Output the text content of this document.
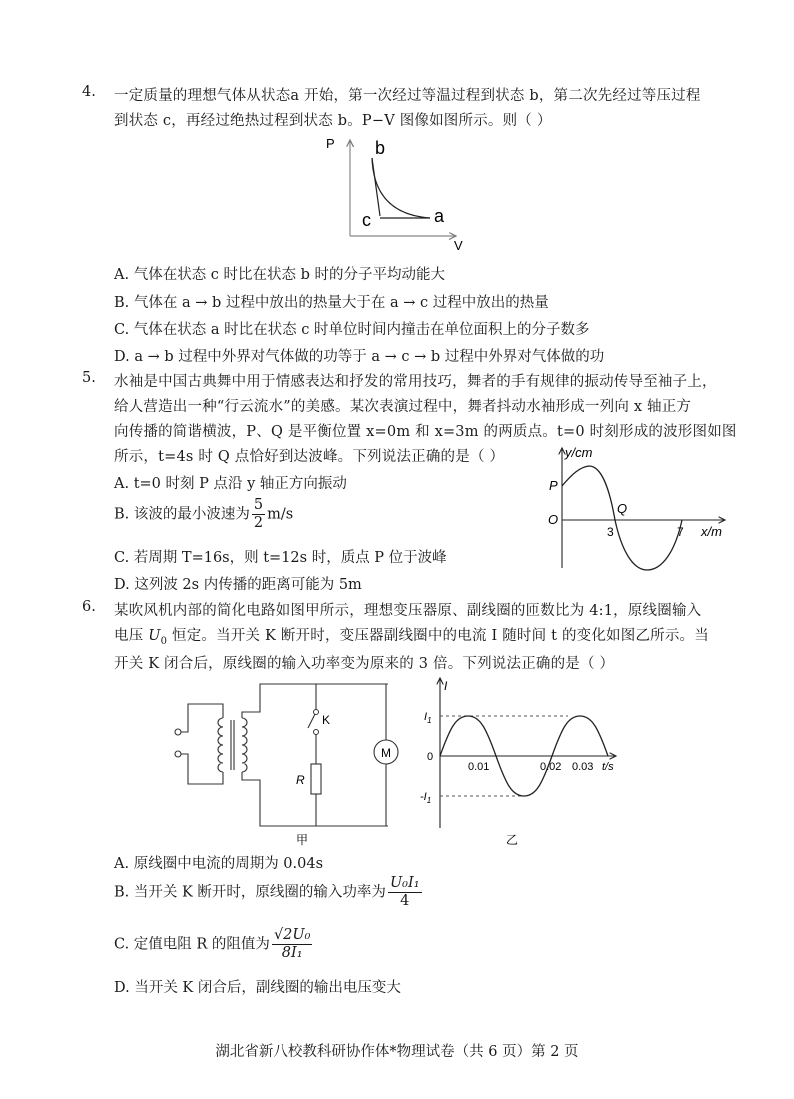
4. 一定质量的理想气体从状态a 开始，第一次经过等温过程到状态 b，第二次先经过等压过程
到状态 c，再经过绝热过程到状态 b。P−V 图像如图所示。则（ ）
P
V
b
c	a
A. 气体在状态 c 时比在状态 b 时的分子平均动能大
B. 气体在 a → b 过程中放出的热量大于在 a → c 过程中放出的热量
C. 气体在状态 a 时比在状态 c 时单位时间内撞击在单位面积上的分子数多
D. a → b 过程中外界对气体做的功等于 a → c → b 过程中外界对气体做的功
5. 水袖是中国古典舞中用于情感表达和抒发的常用技巧，舞者的手有规律的振动传导至袖子上，
给人营造出一种“行云流水”的美感。某次表演过程中，舞者抖动水袖形成一列向 x 轴正方
向传播的简谐横波，P、Q 是平衡位置 x=0m 和 x=3m 的两质点。t=0 时刻形成的波形图如图
所示，t=4s 时 Q 点恰好到达波峰。下列说法正确的是（ ）
A. t=0 时刻 P 点沿 y 轴正方向振动
B. 该波的最小波速为 $\frac{5}{2} m/s$
C. 若周期 T=16s，则 t=12s 时，质点 P 位于波峰
D. 这列波 2s 内传播的距离可能为 5m
y/cm
x/m
O
P
Q
3	7
6. 某吹风机内部的简化电路如图甲所示，理想变压器原、副线圈的匝数比为 4:1，原线圈输入
电压 $U_0$ 恒定。当开关 K 断开时，变压器副线圈中的电流 I 随时间 t 的变化如图乙所示。当
开关 K 闭合后，原线圈的输入功率变为原来的 3 倍。下列说法正确的是（ ）
K
R
M
甲
I
t/s
$I_1$
$-I_1$
0
0.01	0.02 0.03
乙
A. 原线圈中电流的周期为 0.04s
B. 当开关 K 断开时，原线圈的输入功率为 $\frac{\text{U₀I₁}}{4}$
C. 定值电阻 R 的阻值为 $\frac{\text{√2U₀}}{\text{8I₁}}$
D. 当开关 K 闭合后，副线圈的输出电压变大
湖北省新八校教科研协作体*物理试卷（共 6 页）第 2 页
